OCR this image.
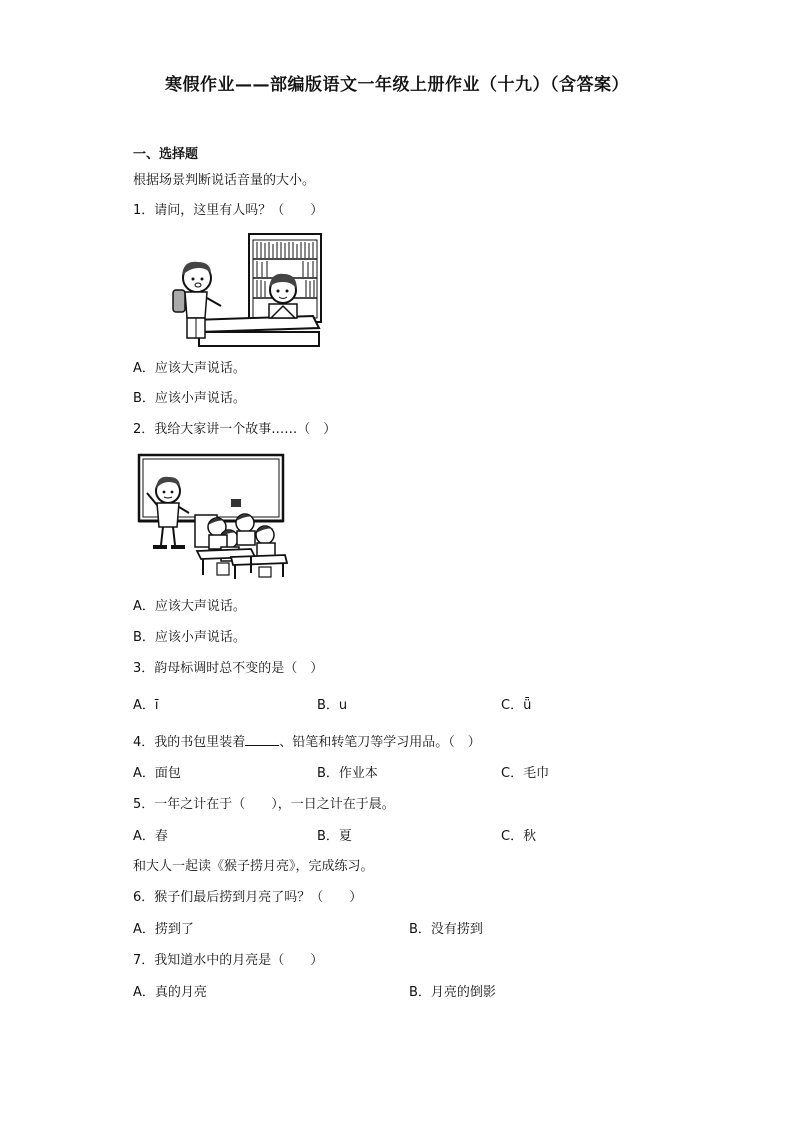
寒假作业——部编版语文一年级上册作业（十九）（含答案）
一、选择题
根据场景判断说话音量的大小。
1．请问，这里有人吗？（　　）
A．应该大声说话。
B．应该小声说话。
2．我给大家讲一个故事……（　）
A．应该大声说话。
B．应该小声说话。
3．韵母标调时总不变的是（　）
A．ī	B．u	C．ǖ
4．我的书包里装着	、铅笔和转笔刀等学习用品。（　）
A．面包	B．作业本	C．毛巾
5．一年之计在于（　　），一日之计在于晨。
A．春	B．夏	C．秋
和大人一起读《猴子捞月亮》，完成练习。
6．猴子们最后捞到月亮了吗？（　　）
A．捞到了	B．没有捞到
7．我知道水中的月亮是（　　）
A．真的月亮	B．月亮的倒影
